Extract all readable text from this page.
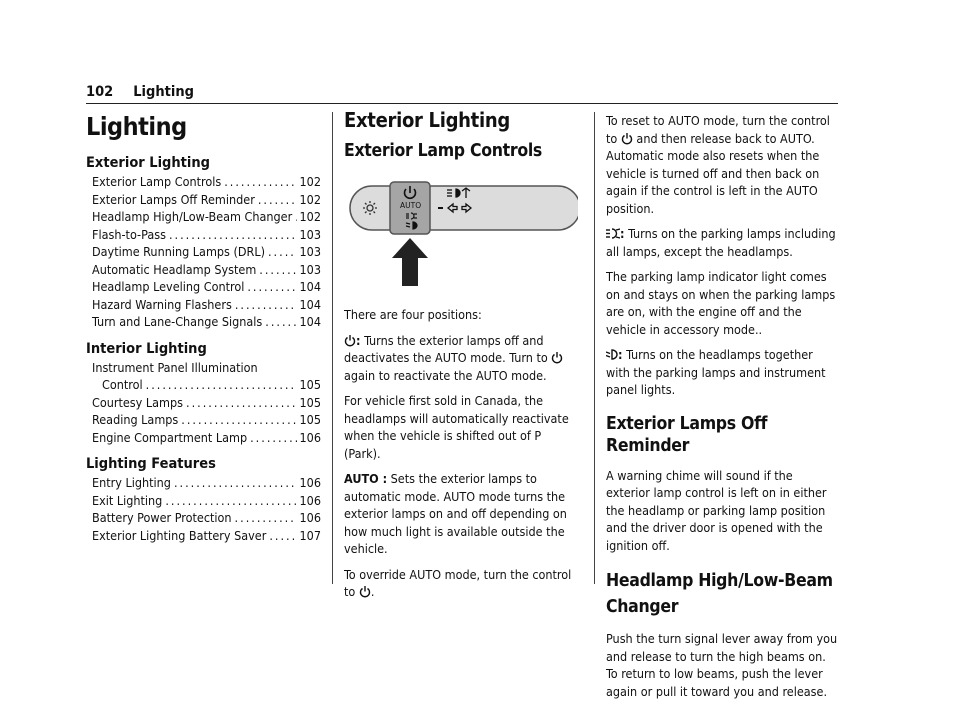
102 Lighting
Lighting
Exterior Lighting
Exterior Lamp Controls .....	102
Exterior Lamps Off Reminder .....	102
Headlamp High/Low-Beam Changer ..... 102
Flash-to-Pass .....	103
Daytime Running Lamps (DRL) .....	103
Automatic Headlamp System .....	103
Headlamp Leveling Control .....	104
Hazard Warning Flashers .....	104
Turn and Lane-Change Signals .....	104
Interior Lighting
Instrument Panel Illumination
Control .....	105
Courtesy Lamps .....	105
Reading Lamps .....	105
Engine Compartment Lamp .....	106
Lighting Features
Entry Lighting .....	106
Exit Lighting .....	106
Battery Power Protection .....	106
Exterior Lighting Battery Saver .....	107
Exterior Lighting
Exterior Lamp Controls
AUTO

There are four positions:

: Turns the exterior lamps off and deactivates the AUTO mode. Turn to  again to reactivate the AUTO mode.

For vehicle first sold in Canada, the headlamps will automatically reactivate when the vehicle is shifted out of P (Park).

AUTO : Sets the exterior lamps to automatic mode. AUTO mode turns the exterior lamps on and off depending on how much light is available outside the vehicle.

To override AUTO mode, turn the control to .

To reset to AUTO mode, turn the control to  and then release back to AUTO. Automatic mode also resets when the vehicle is turned off and then back on again if the control is left in the AUTO position.

: Turns on the parking lamps including all lamps, except the headlamps.

The parking lamp indicator light comes on and stays on when the parking lamps are on, with the engine off and the vehicle in accessory mode..

: Turns on the headlamps together with the parking lamps and instrument panel lights.

Exterior Lamps Off Reminder

A warning chime will sound if the exterior lamp control is left on in either the headlamp or parking lamp position and the driver door is opened with the ignition off.

Headlamp High/Low-Beam Changer

Push the turn signal lever away from you and release to turn the high beams on. To return to low beams, push the lever again or pull it toward you and release.
